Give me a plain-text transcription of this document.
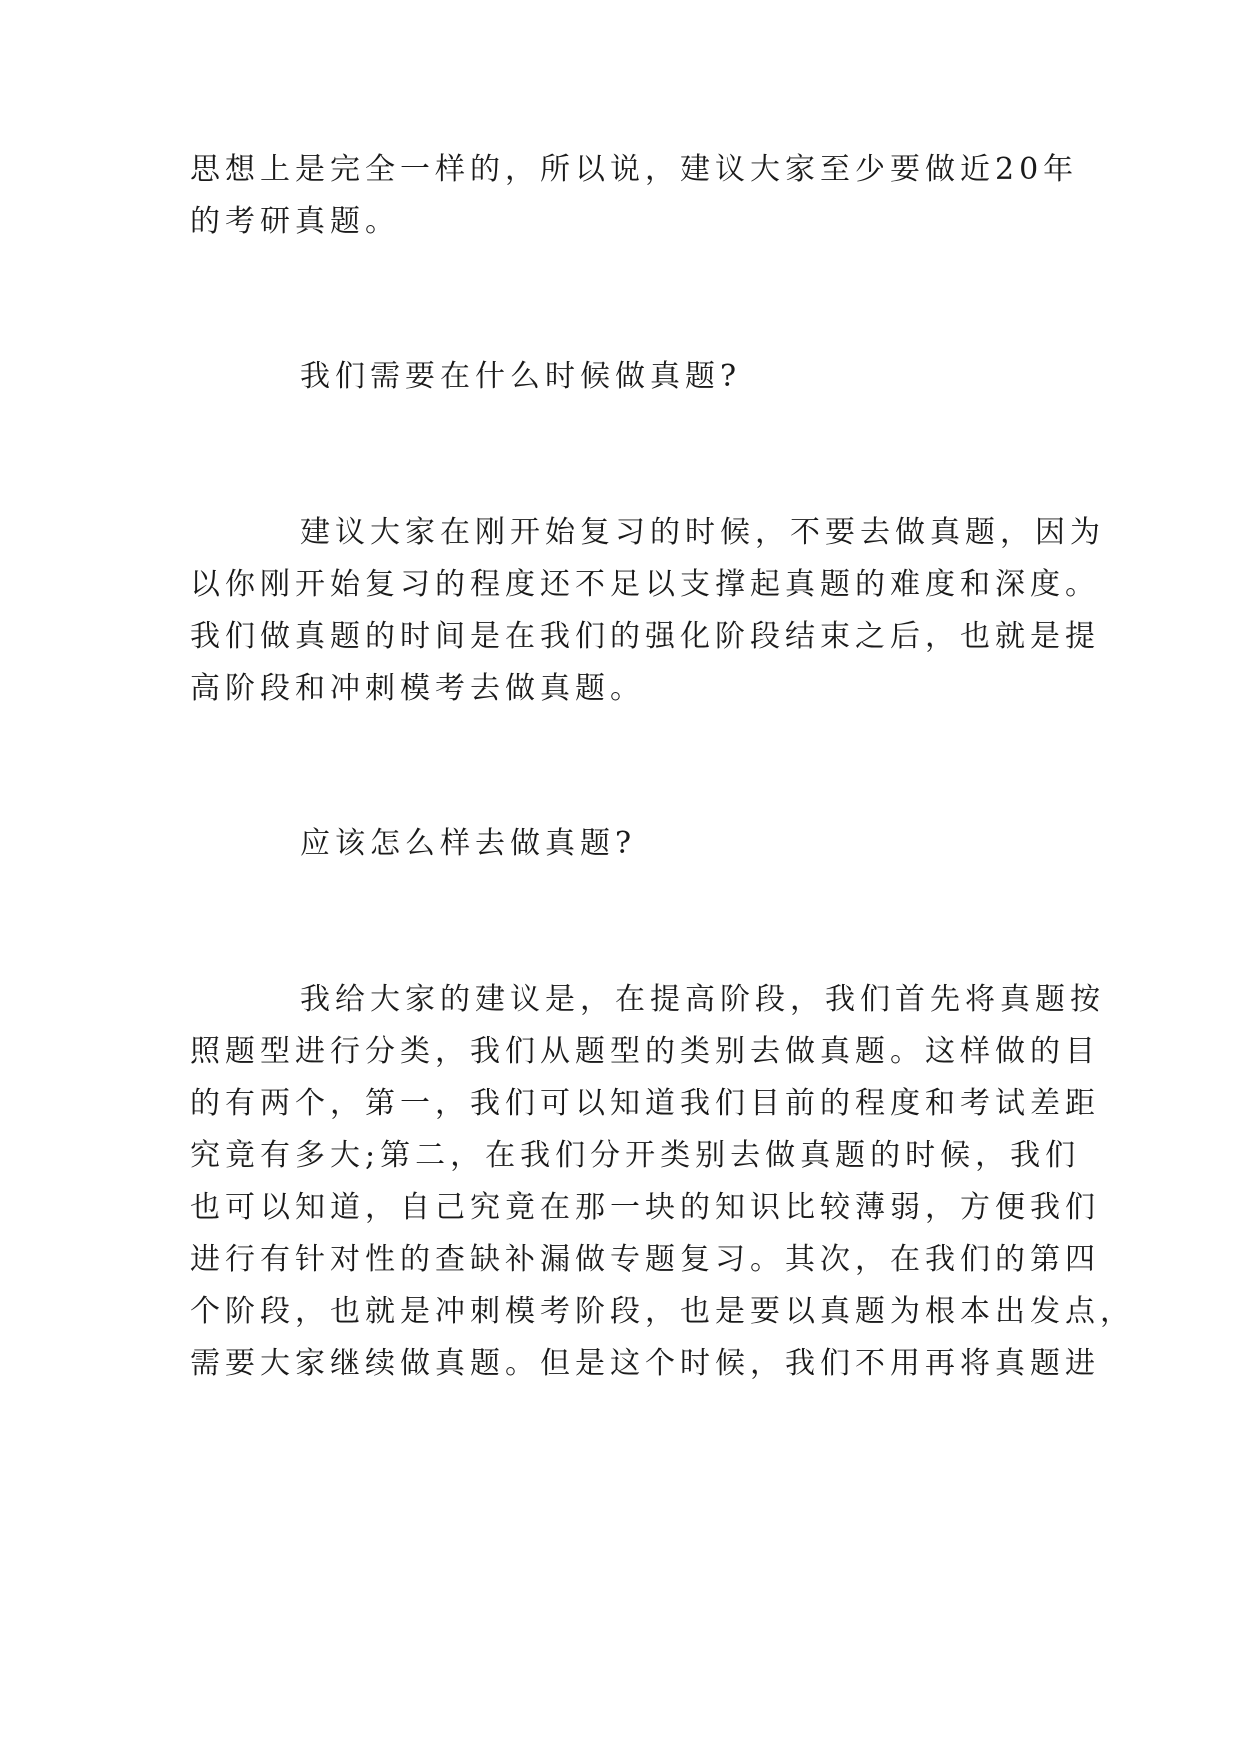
思想上是完全一样的，所以说，建议大家至少要做近20年

的考研真题。

我们需要在什么时候做真题?

建议大家在刚开始复习的时候，不要去做真题，因为

以你刚开始复习的程度还不足以支撑起真题的难度和深度。

我们做真题的时间是在我们的强化阶段结束之后，也就是提

高阶段和冲刺模考去做真题。

应该怎么样去做真题?

我给大家的建议是，在提高阶段，我们首先将真题按

照题型进行分类，我们从题型的类别去做真题。这样做的目

的有两个，第一，我们可以知道我们目前的程度和考试差距

究竟有多大;第二，在我们分开类别去做真题的时候，我们

也可以知道，自己究竟在那一块的知识比较薄弱，方便我们

进行有针对性的查缺补漏做专题复习。其次，在我们的第四

个阶段，也就是冲刺模考阶段，也是要以真题为根本出发点，

需要大家继续做真题。但是这个时候，我们不用再将真题进
